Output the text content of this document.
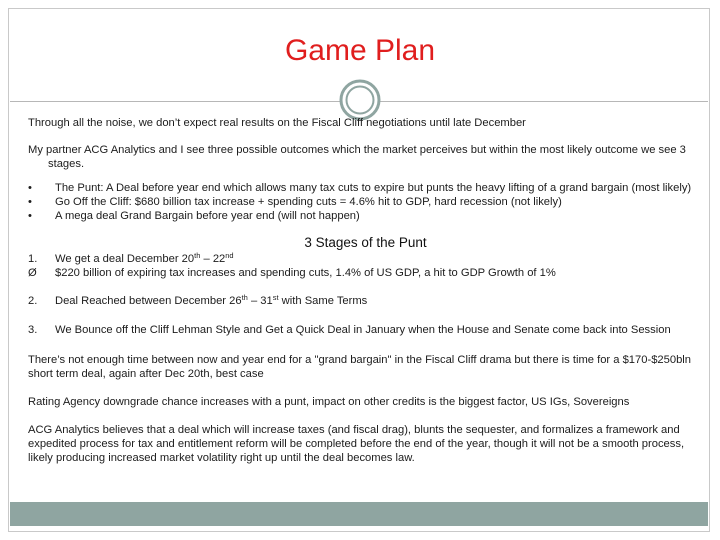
Game Plan

Through all the noise, we don’t expect real results on the Fiscal Cliff negotiations until late December

My partner ACG Analytics and I see three possible outcomes which the market perceives but within the most likely outcome we see 3 stages.

•	The Punt: A Deal before year end which allows many tax cuts to expire but punts the heavy lifting of a grand bargain (most likely)
•	Go Off the Cliff: $680 billion tax increase + spending cuts = 4.6% hit to GDP, hard recession (not likely)
•	A mega deal Grand Bargain before year end (will not happen)
3 Stages of the Punt
1.	We get a deal December 20th – 22nd
Ø	$220 billion of expiring tax increases and spending cuts, 1.4% of US GDP, a hit to GDP Growth of 1%
2.	Deal Reached between December 26th – 31st with Same Terms
3.	We Bounce off the Cliff Lehman Style and Get a Quick Deal in January when the House and Senate come back into Session

There’s not enough time between now and year end for a "grand bargain" in the Fiscal Cliff drama but there is time for a $170-$250bln short term deal, again after Dec 20th, best case

Rating Agency downgrade chance increases with a punt, impact on other credits is the biggest factor, US IGs, Sovereigns

ACG Analytics believes that a deal which will increase taxes (and fiscal drag), blunts the sequester, and formalizes a framework and expedited process for tax and entitlement reform will be completed before the end of the year, though it will not be a smooth process, likely producing increased market volatility right up until the deal becomes law.
